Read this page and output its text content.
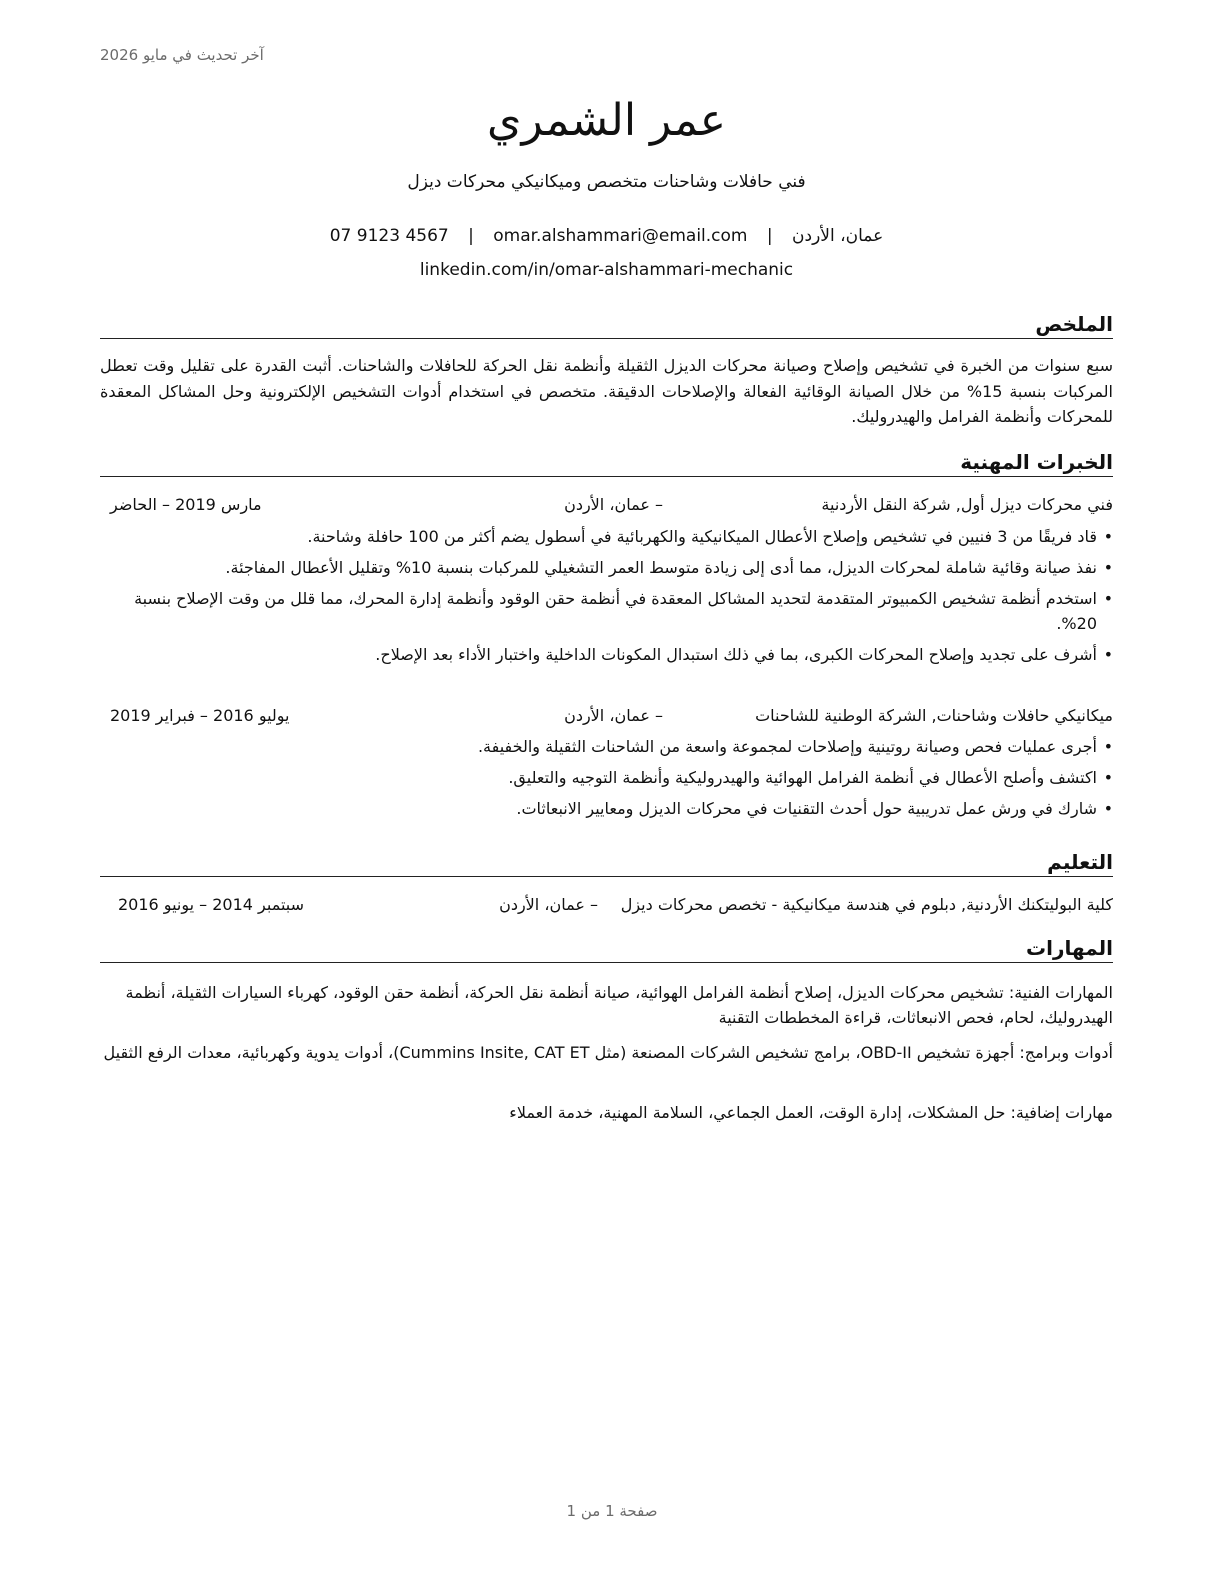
آخر تحديث في مايو 2026
عمر الشمري
فني حافلات وشاحنات متخصص وميكانيكي محركات ديزل
عمان، الأردن | omar.alshammari@email.com | 07 9123 4567
linkedin.com/in/omar-alshammari-mechanic
الملخص

سبع سنوات من الخبرة في تشخيص وإصلاح وصيانة محركات الديزل الثقيلة وأنظمة نقل الحركة للحافلات والشاحنات. أثبت القدرة على تقليل وقت تعطل المركبات بنسبة 15% من خلال الصيانة الوقائية الفعالة والإصلاحات الدقيقة. متخصص في استخدام أدوات التشخيص الإلكترونية وحل المشاكل المعقدة للمحركات وأنظمة الفرامل والهيدروليك.

الخبرات المهنية
فني محركات ديزل أول, شركة النقل الأردنية
– عمان، الأردن
مارس 2019 – الحاضر
• قاد فريقًا من 3 فنيين في تشخيص وإصلاح الأعطال الميكانيكية والكهربائية في أسطول يضم أكثر من 100 حافلة وشاحنة.
• نفذ صيانة وقائية شاملة لمحركات الديزل، مما أدى إلى زيادة متوسط العمر التشغيلي للمركبات بنسبة 10% وتقليل الأعطال المفاجئة.
• استخدم أنظمة تشخيص الكمبيوتر المتقدمة لتحديد المشاكل المعقدة في أنظمة حقن الوقود وأنظمة إدارة المحرك، مما قلل من وقت الإصلاح بنسبة 20%.
• أشرف على تجديد وإصلاح المحركات الكبرى، بما في ذلك استبدال المكونات الداخلية واختبار الأداء بعد الإصلاح.
ميكانيكي حافلات وشاحنات, الشركة الوطنية للشاحنات
– عمان، الأردن
يوليو 2016 – فبراير 2019
• أجرى عمليات فحص وصيانة روتينية وإصلاحات لمجموعة واسعة من الشاحنات الثقيلة والخفيفة.
• اكتشف وأصلح الأعطال في أنظمة الفرامل الهوائية والهيدروليكية وأنظمة التوجيه والتعليق.
• شارك في ورش عمل تدريبية حول أحدث التقنيات في محركات الديزل ومعايير الانبعاثات.
التعليم
كلية البوليتكنك الأردنية, دبلوم في هندسة ميكانيكية - تخصص محركات ديزل
– عمان، الأردن
سبتمبر 2014 – يونيو 2016
المهارات
المهارات الفنية: تشخيص محركات الديزل، إصلاح أنظمة الفرامل الهوائية، صيانة أنظمة نقل الحركة، أنظمة حقن الوقود، كهرباء السيارات الثقيلة، أنظمة الهيدروليك، لحام، فحص الانبعاثات، قراءة المخططات التقنية
أدوات وبرامج: أجهزة تشخيص OBD-II، برامج تشخيص الشركات المصنعة (مثل Cummins Insite, CAT ET)، أدوات يدوية وكهربائية، معدات الرفع الثقيل
مهارات إضافية: حل المشكلات، إدارة الوقت، العمل الجماعي، السلامة المهنية، خدمة العملاء
صفحة 1 من 1
